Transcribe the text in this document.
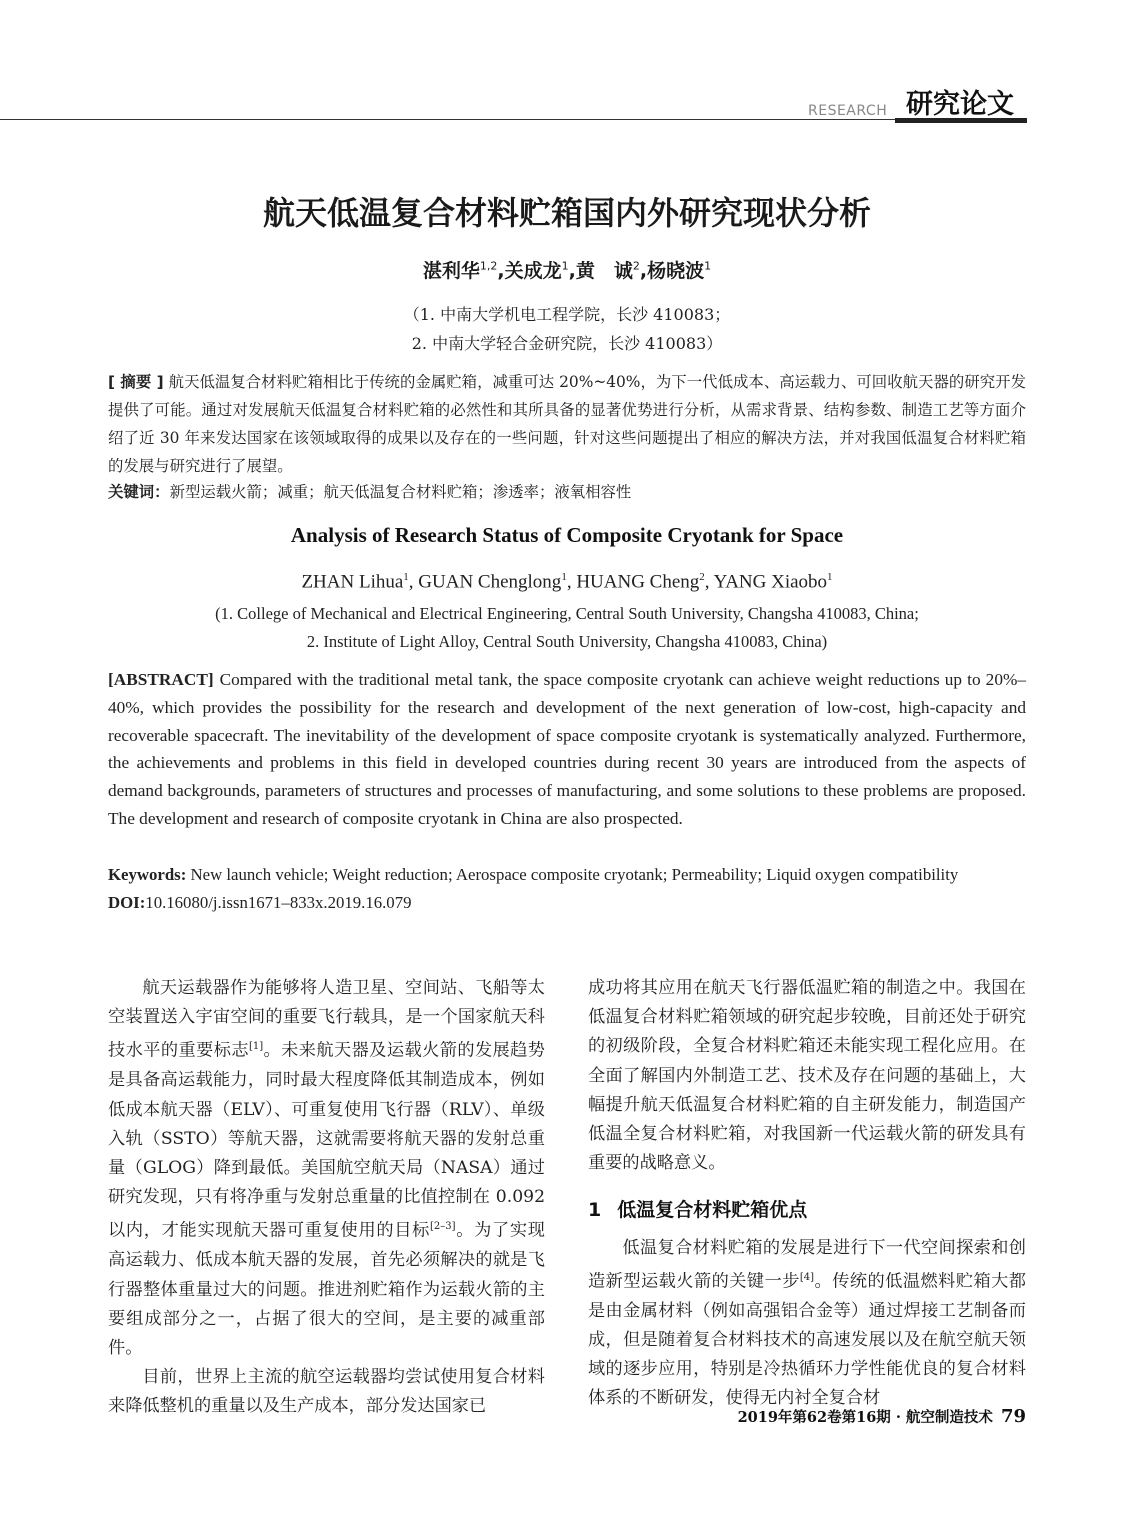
RESEARCH 研究论文
航天低温复合材料贮箱国内外研究现状分析
湛利华$^{1,2}$,关成龙$^1$,黄　诚$^2$,杨晓波$^1$
（1. 中南大学机电工程学院，长沙 410083；
2. 中南大学轻合金研究院，长沙 410083）
[ 摘要 ] 航天低温复合材料贮箱相比于传统的金属贮箱，减重可达 20%~40%，为下一代低成本、高运载力、可回收航天器的研究开发提供了可能。通过对发展航天低温复合材料贮箱的必然性和其所具备的显著优势进行分析，从需求背景、结构参数、制造工艺等方面介绍了近 30 年来发达国家在该领域取得的成果以及存在的一些问题，针对这些问题提出了相应的解决方法，并对我国低温复合材料贮箱的发展与研究进行了展望。
关键词：新型运载火箭；减重；航天低温复合材料贮箱；渗透率；液氧相容性
Analysis of Research Status of Composite Cryotank for Space
ZHAN Lihua$^1$, GUAN Chenglong$^1$, HUANG Cheng$^2$, YANG Xiaobo$^1$
(1. College of Mechanical and Electrical Engineering, Central South University, Changsha 410083, China;
2. Institute of Light Alloy, Central South University, Changsha 410083, China)
[ABSTRACT] Compared with the traditional metal tank, the space composite cryotank can achieve weight reductions up to 20%–40%, which provides the possibility for the research and development of the next generation of low-cost, high-capacity and recoverable spacecraft. The inevitability of the development of space composite cryotank is systematically analyzed. Furthermore, the achievements and problems in this field in developed countries during recent 30 years are introduced from the aspects of demand backgrounds, parameters of structures and processes of manufacturing, and some solutions to these problems are proposed. The development and research of composite cryotank in China are also prospected.
Keywords: New launch vehicle; Weight reduction; Aerospace composite cryotank; Permeability; Liquid oxygen compatibility
DOI:10.16080/j.issn1671–833x.2019.16.079

航天运载器作为能够将人造卫星、空间站、飞船等太空装置送入宇宙空间的重要飞行载具，是一个国家航天科技水平的重要标志[1]。未来航天器及运载火箭的发展趋势是具备高运载能力，同时最大程度降低其制造成本，例如低成本航天器（ELV）、可重复使用飞行器（RLV）、单级入轨（SSTO）等航天器，这就需要将航天器的发射总重量（GLOG）降到最低。美国航空航天局（NASA）通过研究发现，只有将净重与发射总重量的比值控制在 0.092 以内，才能实现航天器可重复使用的目标[2–3]。为了实现高运载力、低成本航天器的发展，首先必须解决的就是飞行器整体重量过大的问题。推进剂贮箱作为运载火箭的主要组成部分之一，占据了很大的空间，是主要的减重部件。

目前，世界上主流的航空运载器均尝试使用复合材料来降低整机的重量以及生产成本，部分发达国家已

成功将其应用在航天飞行器低温贮箱的制造之中。我国在低温复合材料贮箱领域的研究起步较晚，目前还处于研究的初级阶段，全复合材料贮箱还未能实现工程化应用。在全面了解国内外制造工艺、技术及存在问题的基础上，大幅提升航天低温复合材料贮箱的自主研发能力，制造国产低温全复合材料贮箱，对我国新一代运载火箭的研发具有重要的战略意义。

1 低温复合材料贮箱优点

低温复合材料贮箱的发展是进行下一代空间探索和创造新型运载火箭的关键一步[4]。传统的低温燃料贮箱大都是由金属材料（例如高强铝合金等）通过焊接工艺制备而成，但是随着复合材料技术的高速发展以及在航空航天领域的逐步应用，特别是冷热循环力学性能优良的复合材料体系的不断研发，使得无内衬全复合材

2019年第62卷第16期 · 航空制造技术 79
